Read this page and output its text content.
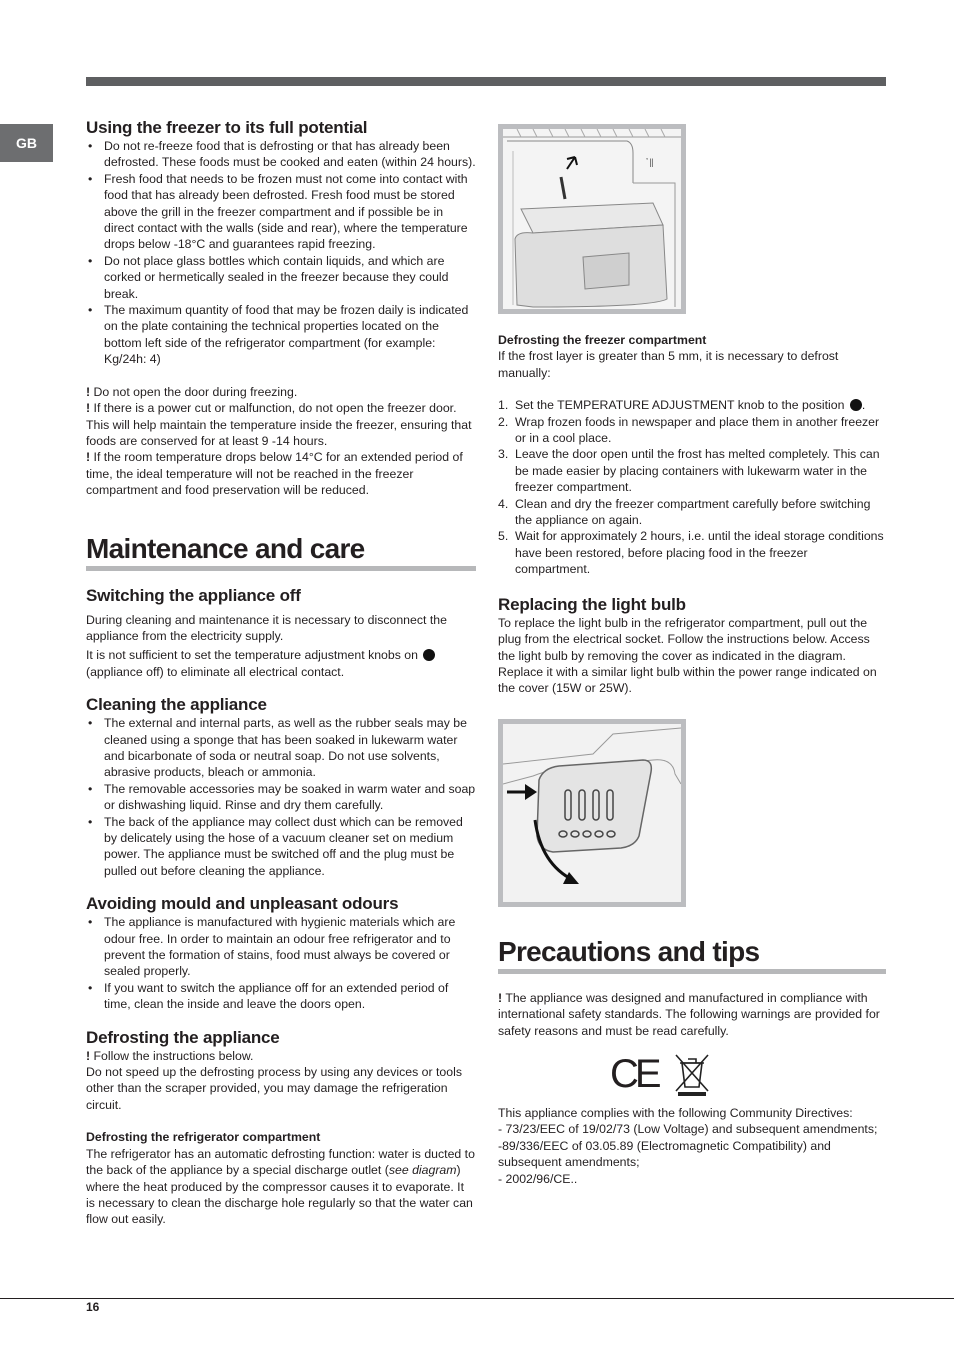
GB
Using the freezer to its full potential
• Do not re-freeze food that is defrosting or that has already been defrosted. These foods must be cooked and eaten (within 24 hours).
• Fresh food that needs to be frozen must not come into contact with food that has already been defrosted. Fresh food must be stored above the grill in the freezer compartment and if possible be in direct contact with the walls (side and rear), where the temperature drops below -18°C and guarantees rapid freezing.
• Do not place glass bottles which contain liquids, and which are corked or hermetically sealed in the freezer because they could break.
• The maximum quantity of food that may be frozen daily is indicated on the plate containing the technical properties located on the bottom left side of the refrigerator compartment (for example: Kg/24h: 4)

! Do not open the door during freezing.

! If there is a power cut or malfunction, do not open the freezer door. This will help maintain the temperature inside the freezer, ensuring that foods are conserved for at least 9 -14 hours.

! If the room temperature drops below 14°C for an extended period of time, the ideal temperature will not be reached in the freezer compartment and food preservation will be reduced.

Maintenance and care
Switching the appliance off

During cleaning and maintenance it is necessary to disconnect the appliance from the electricity supply.

It is not sufficient to set the temperature adjustment knobs on
(appliance off) to eliminate all electrical contact.

Cleaning the appliance
• The external and internal parts, as well as the rubber seals may be cleaned using a sponge that has been soaked in lukewarm water and bicarbonate of soda or neutral soap. Do not use solvents, abrasive products, bleach or ammonia.
• The removable accessories may be soaked in warm water and soap or dishwashing liquid. Rinse and dry them carefully.
• The back of the appliance may collect dust which can be removed by delicately using the hose of a vacuum cleaner set on medium power. The appliance must be switched off and the plug must be pulled out before cleaning the appliance.
Avoiding mould and unpleasant odours
• The appliance is manufactured with hygienic materials which are odour free. In order to maintain an odour free refrigerator and to prevent the formation of stains, food must always be covered or sealed properly.
• If you want to switch the appliance off for an extended period of time, clean the inside and leave the doors open.
Defrosting the appliance

! Follow the instructions below.

Do not speed up the defrosting process by using any devices or tools other than the scraper provided, you may damage the refrigeration circuit.

Defrosting the refrigerator compartment

The refrigerator has an automatic defrosting function: water is ducted to the back of the appliance by a special discharge outlet (see diagram) where the heat produced by the compressor causes it to evaporate. It is necessary to clean the discharge hole regularly so that the water can flow out easily.

᾿‖
Defrosting the freezer compartment

If the frost layer is greater than 5 mm, it is necessary to defrost manually:

1. Set the TEMPERATURE ADJUSTMENT knob to the position .
2. Wrap frozen foods in newspaper and place them in another freezer or in a cool place.
3. Leave the door open until the frost has melted completely. This can be made easier by placing containers with lukewarm water in the freezer compartment.
4. Clean and dry the freezer compartment carefully before switching the appliance on again.
5. Wait for approximately 2 hours, i.e. until the ideal storage conditions have been restored, before placing food in the freezer compartment.
Replacing the light bulb

To replace the light bulb in the refrigerator compartment, pull out the plug from the electrical socket. Follow the instructions below. Access the light bulb by removing the cover as indicated in the diagram. Replace it with a similar light bulb within the power range indicated on the cover (15W or 25W).

Precautions and tips

! The appliance was designed and manufactured in compliance with international safety standards. The following warnings are provided for safety reasons and must be read carefully.

CE

This appliance complies with the following Community Directives:

- 73/23/EEC of 19/02/73 (Low Voltage) and subsequent amendments;

-89/336/EEC of 03.05.89 (Electromagnetic Compatibility) and subsequent amendments;

- 2002/96/CE..

16
